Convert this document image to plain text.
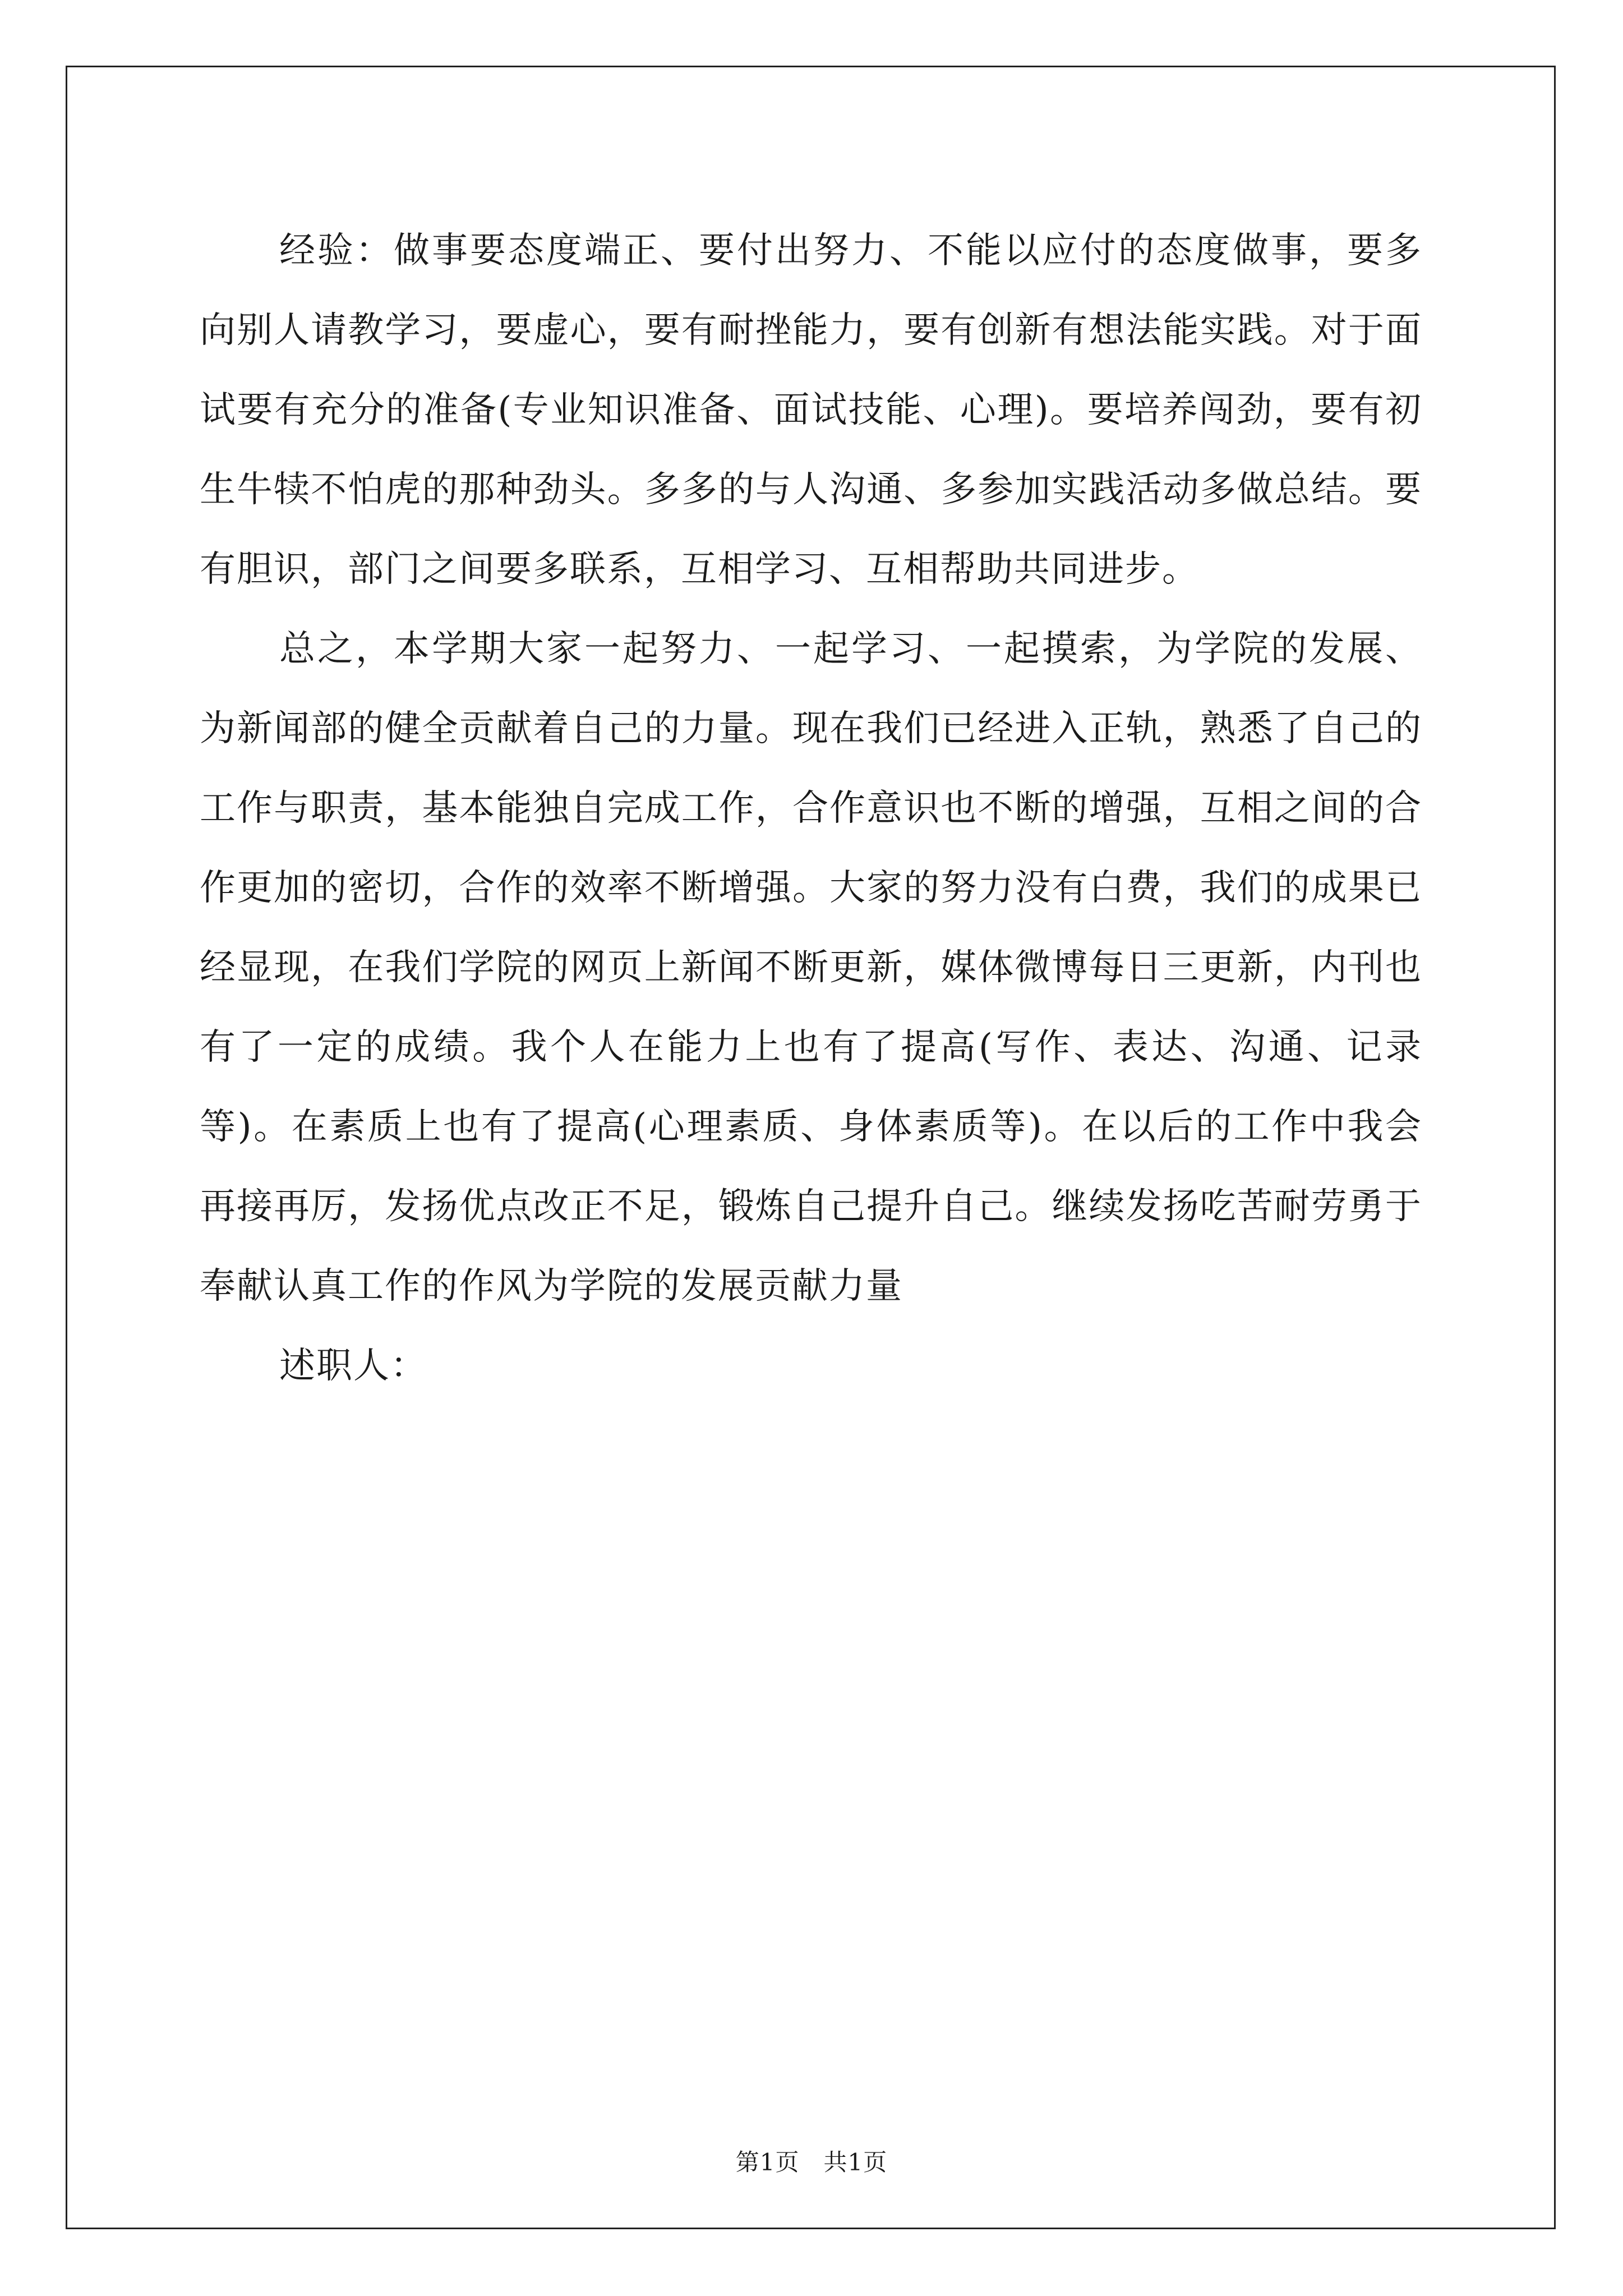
经验：做事要态度端正、要付出努力、不能以应付的态度做事，要多向别人请教学习，要虚心，要有耐挫能力，要有创新有想法能实践。对于面试要有充分的准备(专业知识准备、面试技能、心理)。要培养闯劲，要有初生牛犊不怕虎的那种劲头。多多的与人沟通、多参加实践活动多做总结。要有胆识，部门之间要多联系，互相学习、互相帮助共同进步。

总之，本学期大家一起努力、一起学习、一起摸索，为学院的发展、为新闻部的健全贡献着自己的力量。现在我们已经进入正轨，熟悉了自己的工作与职责，基本能独自完成工作，合作意识也不断的增强，互相之间的合作更加的密切，合作的效率不断增强。大家的努力没有白费，我们的成果已经显现，在我们学院的网页上新闻不断更新，媒体微博每日三更新，内刊也有了一定的成绩。我个人在能力上也有了提高(写作、表达、沟通、记录等)。在素质上也有了提高(心理素质、身体素质等)。在以后的工作中我会再接再厉，发扬优点改正不足，锻炼自己提升自己。继续发扬吃苦耐劳勇于奉献认真工作的作风为学院的发展贡献力量

述职人：

第1页   共1页
